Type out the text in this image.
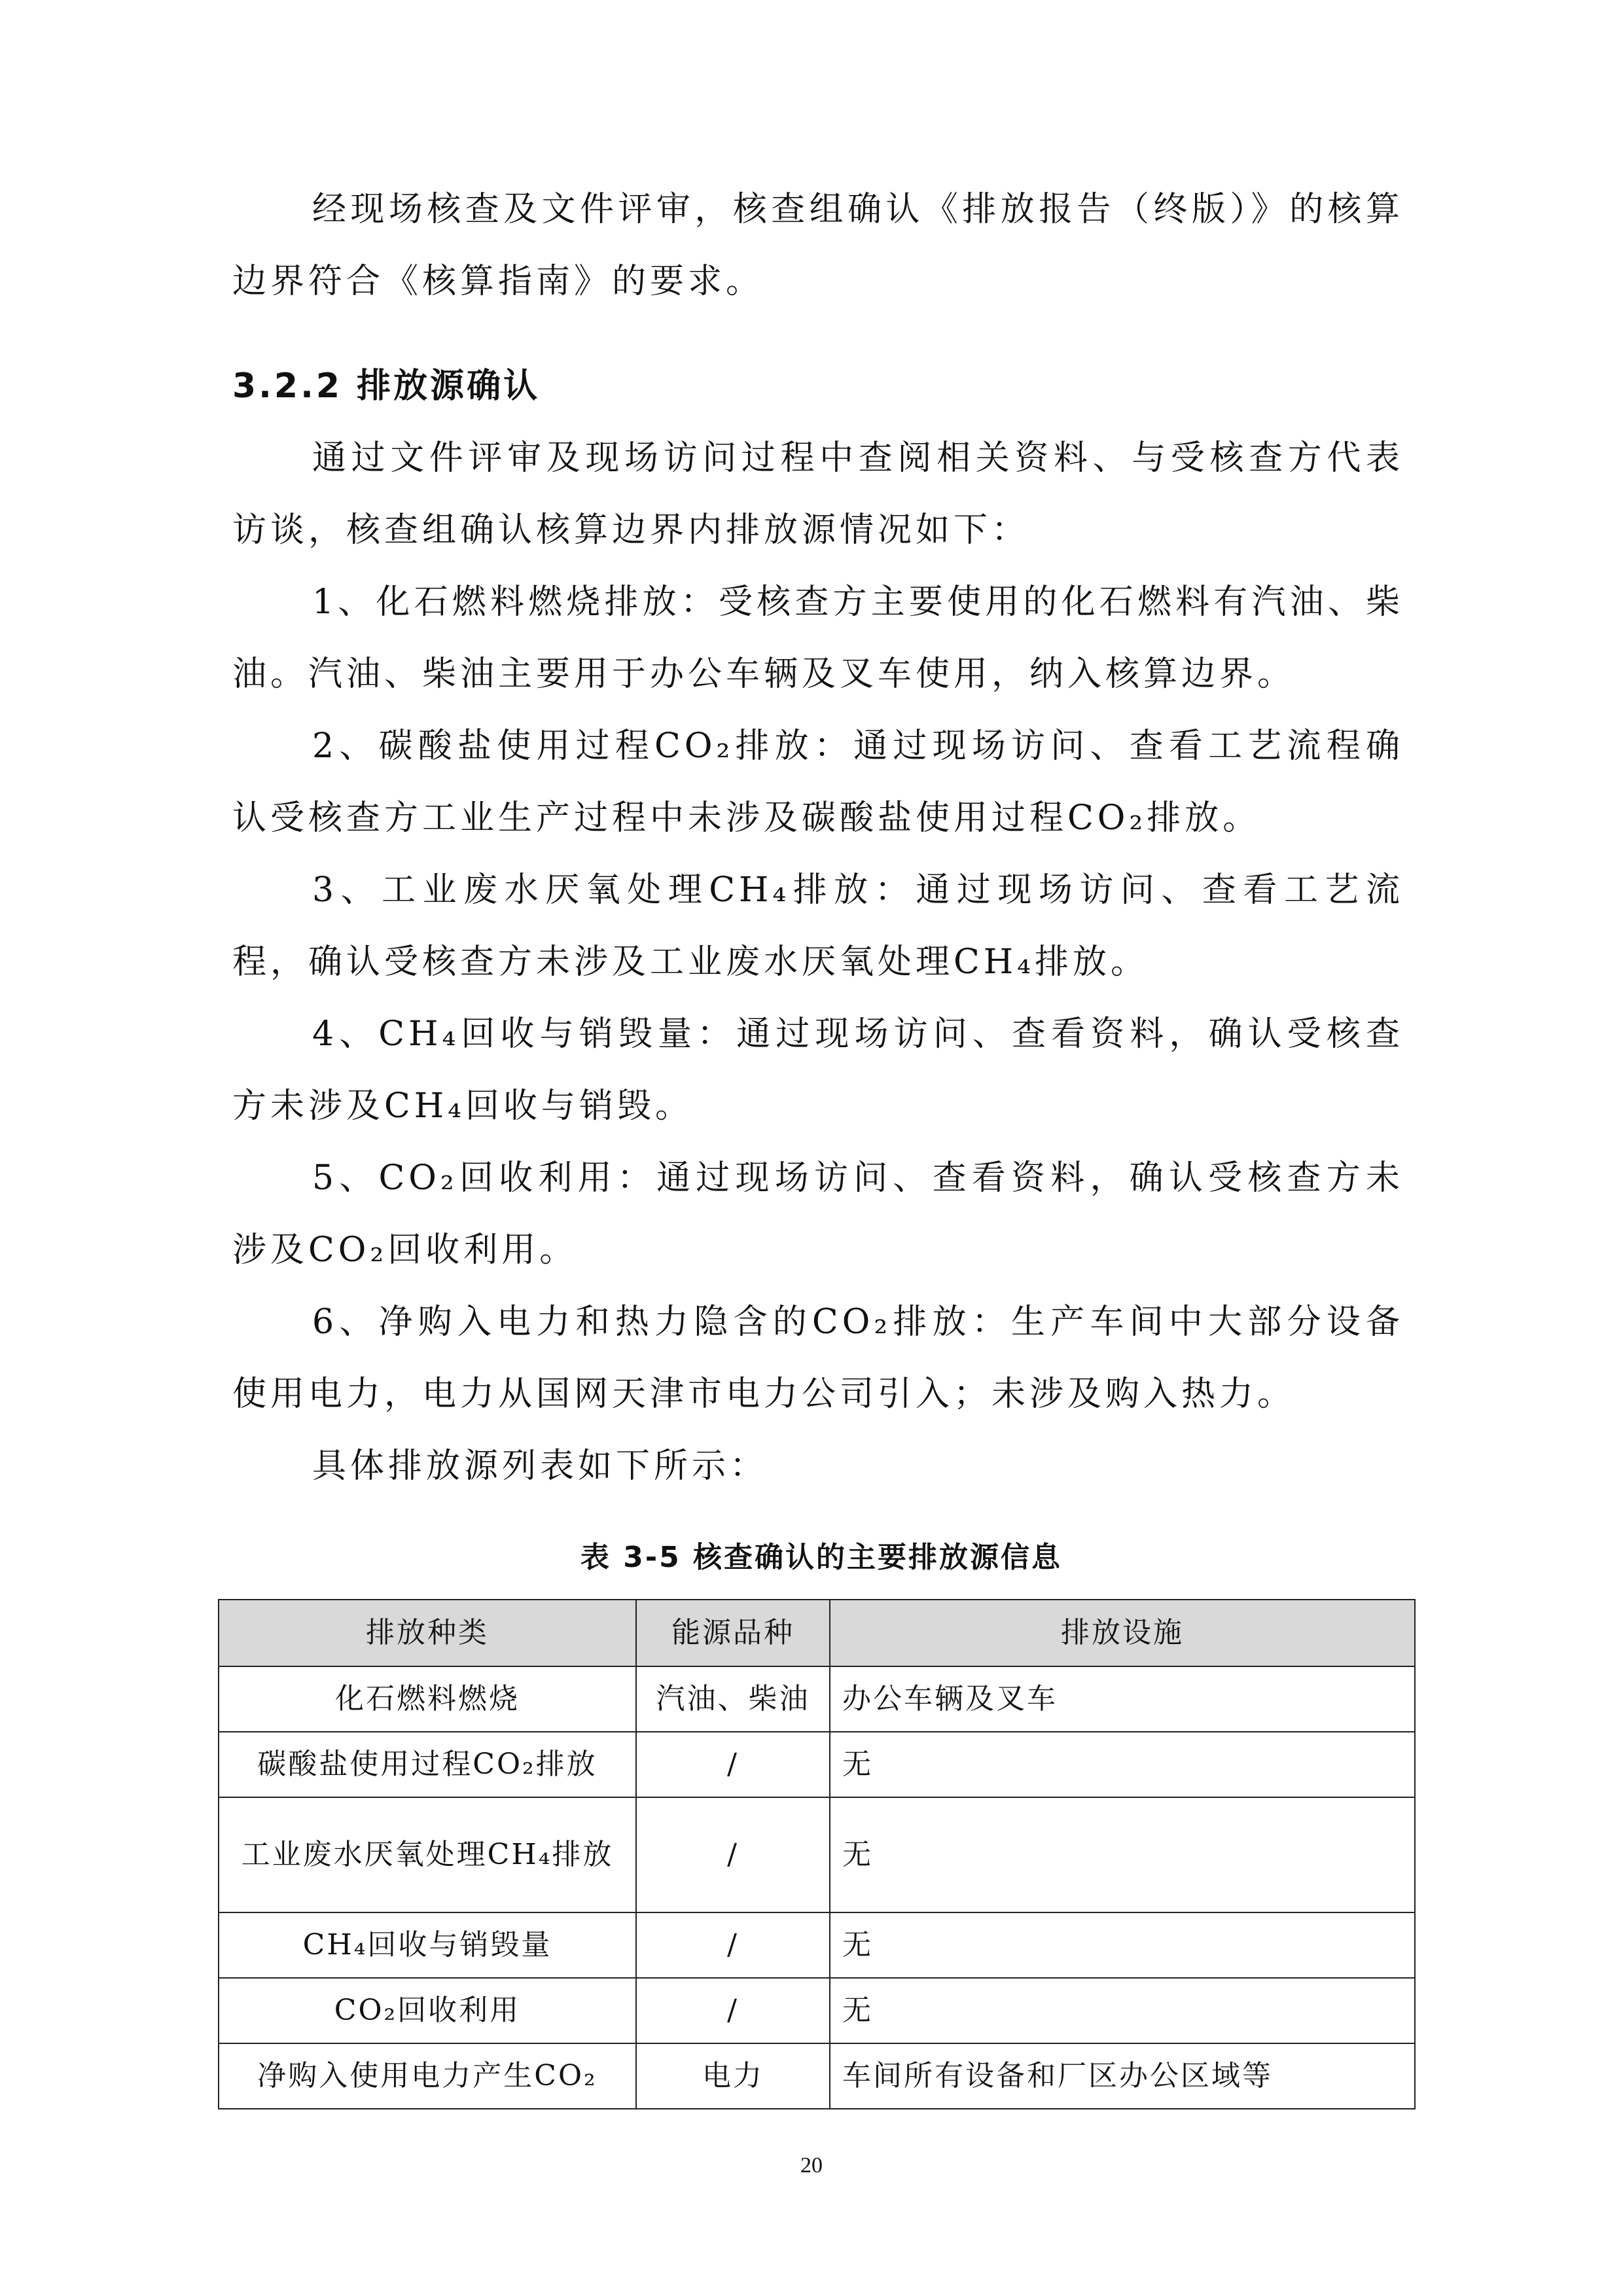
经现场核查及文件评审，核查组确认《排放报告（终版）》的核算边界符合《核算指南》的要求。

3.2.2 排放源确认

通过文件评审及现场访问过程中查阅相关资料、与受核查方代表访谈，核查组确认核算边界内排放源情况如下：

1、化石燃料燃烧排放：受核查方主要使用的化石燃料有汽油、柴油。汽油、柴油主要用于办公车辆及叉车使用，纳入核算边界。

2、碳酸盐使用过程CO₂排放：通过现场访问、查看工艺流程确认受核查方工业生产过程中未涉及碳酸盐使用过程CO₂排放。

3、工业废水厌氧处理CH₄排放：通过现场访问、查看工艺流程，确认受核查方未涉及工业废水厌氧处理CH₄排放。

4、CH₄回收与销毁量：通过现场访问、查看资料，确认受核查方未涉及CH₄回收与销毁。

5、CO₂回收利用：通过现场访问、查看资料，确认受核查方未涉及CO₂回收利用。

6、净购入电力和热力隐含的CO₂排放：生产车间中大部分设备使用电力，电力从国网天津市电力公司引入；未涉及购入热力。

具体排放源列表如下所示：

表 3-5 核查确认的主要排放源信息
排放种类	能源品种	排放设施
化石燃料燃烧	汽油、柴油	办公车辆及叉车
碳酸盐使用过程CO₂排放	/	无
工业废水厌氧处理CH₄排放	/	无
CH₄回收与销毁量	/	无
CO₂回收利用	/	无
净购入使用电力产生CO₂	电力	车间所有设备和厂区办公区域等
20
